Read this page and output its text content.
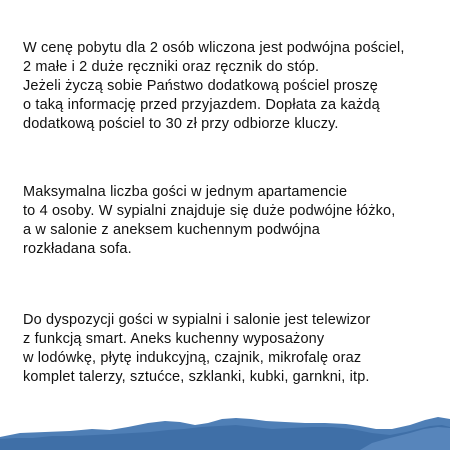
W cenę pobytu dla 2 osób wliczona jest podwójna pościel,
2 małe i 2 duże ręczniki oraz ręcznik do stóp.
Jeżeli życzą sobie Państwo dodatkową pościel proszę
o taką informację przed przyjazdem. Dopłata za każdą
dodatkową pościel to 30 zł przy odbiorze kluczy.
Maksymalna liczba gości w jednym apartamencie
to 4 osoby. W sypialni znajduje się duże podwójne łóżko,
a w salonie z aneksem kuchennym podwójna
rozkładana sofa.
Do dyspozycji gości w sypialni i salonie jest telewizor
z funkcją smart. Aneks kuchenny wyposażony
w lodówkę, płytę indukcyjną, czajnik, mikrofalę oraz
komplet talerzy, sztućce, szklanki, kubki, garnkni, itp.
